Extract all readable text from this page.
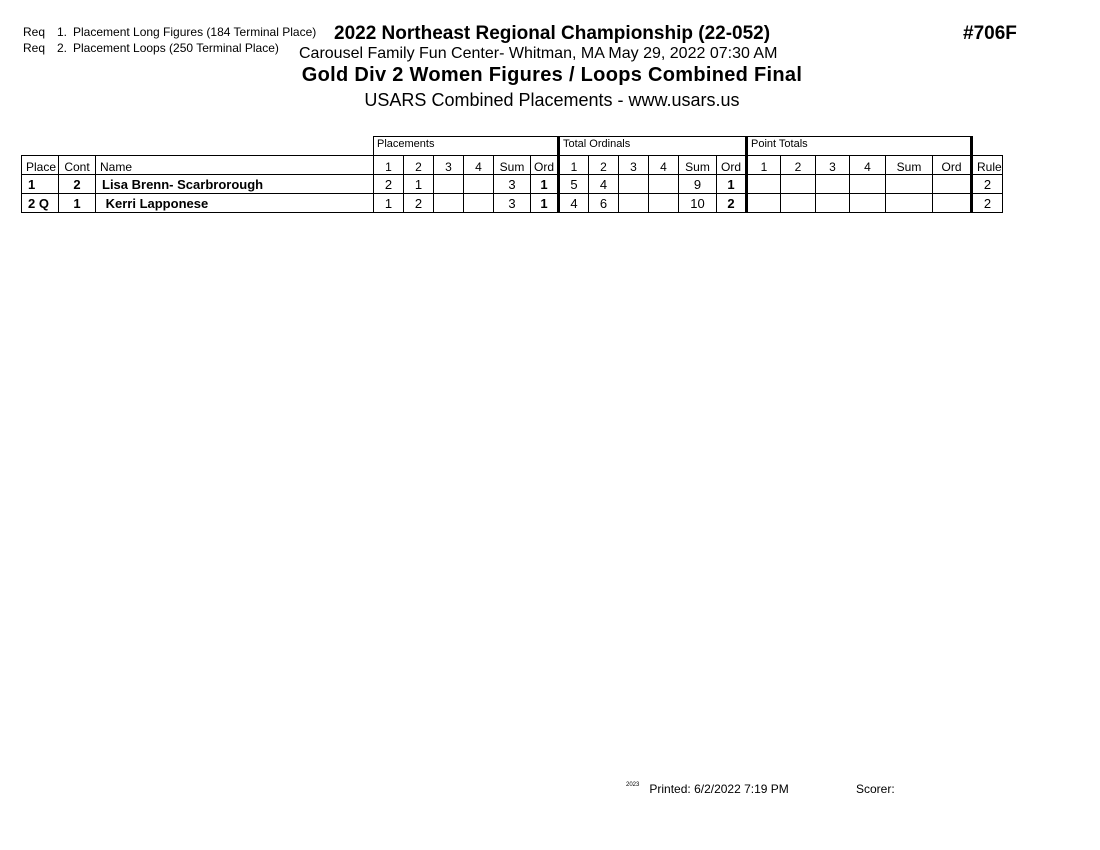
Req 1. Placement Long Figures (184 Terminal Place)
Req 2. Placement Loops (250 Terminal Place)
2022 Northeast Regional Championship (22-052)
Carousel Family Fun Center- Whitman, MA May 29, 2022 07:30 AM
#706F
Gold Div 2 Women Figures / Loops Combined Final
USARS Combined Placements - www.usars.us
			Placements						Total Ordinals						Point Totals						
Place	Cont	Name	1	2	3	4	Sum	Ord	1	2	3	4	Sum	Ord	1	2	3	4	Sum	Ord	Rule
1	2	Lisa Brenn- Scarbrorough	2	1			3	1	5	4			9	1							2
2 Q	1	Kerri Lapponese	1	2			3	1	4	6			10	2							2
$^{2023}$ Printed: 6/2/2022 7:19 PM	Scorer:
